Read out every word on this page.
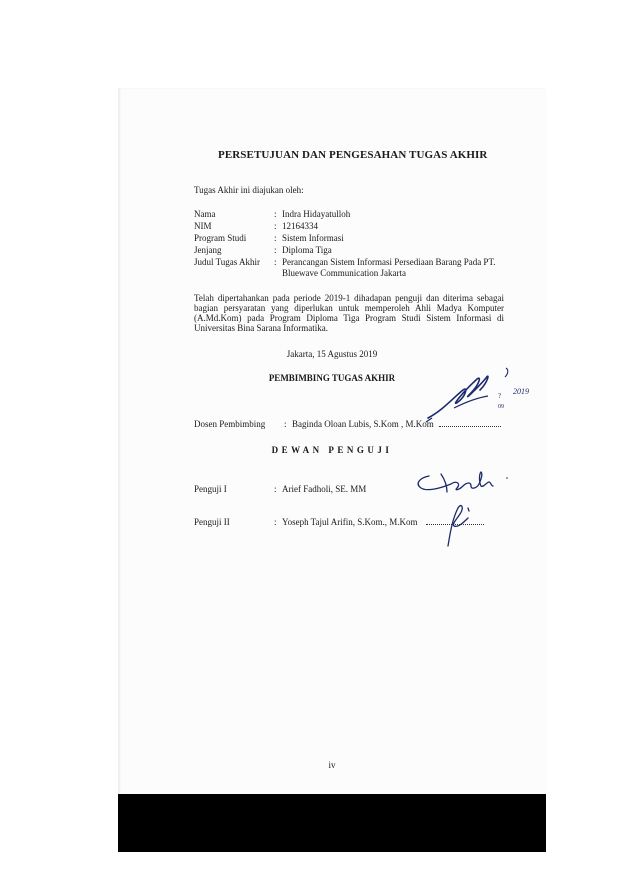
PERSETUJUAN DAN PENGESAHAN TUGAS AKHIR
Tugas Akhir ini diajukan oleh:
Nama	: Indra Hidayatulloh
NIM	: 12164334
Program Studi	: Sistem Informasi
Jenjang	: Diploma Tiga
Judul Tugas Akhir : Perancangan Sistem Informasi Persediaan Barang Pada PT.
Bluewave Communication Jakarta
Telah dipertahankan pada periode 2019-1 dihadapan penguji dan diterima sebagai
bagian persyaratan yang diperlukan untuk memperoleh Ahli Madya Komputer
(A.Md.Kom) pada Program Diploma Tiga Program Studi Sistem Informasi di
Universitas Bina Sarana Informatika.
Jakarta, 15 Agustus 2019
PEMBIMBING TUGAS AKHIR
?
09
2019
Dosen Pembimbing : Baginda Oloan Lubis, S.Kom , M.Kom
DEWAN PENGUJI
Penguji I	: Arief Fadholi, SE. MM
Penguji II	: Yoseph Tajul Arifin, S.Kom., M.Kom
iv
